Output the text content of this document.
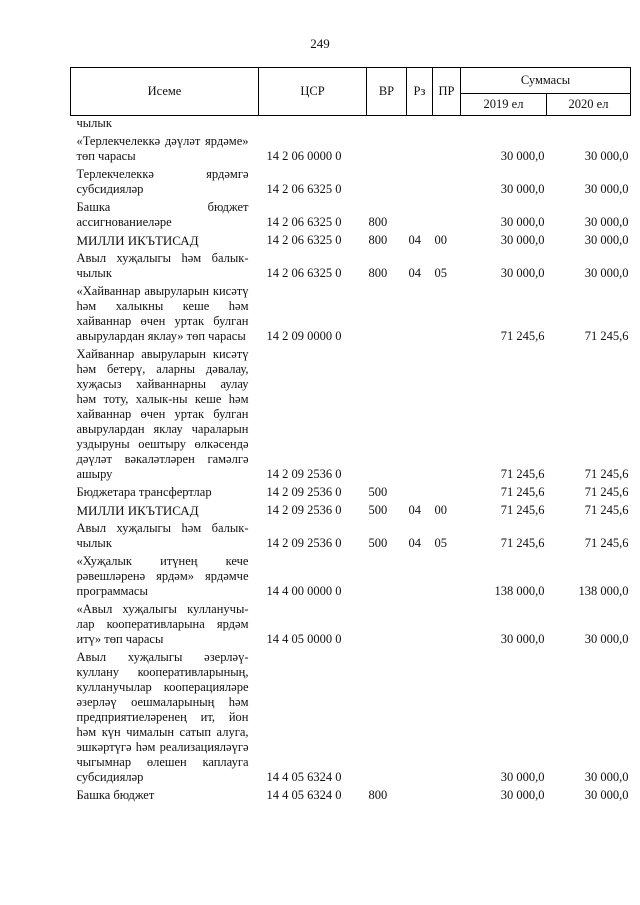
249
Исеме	ЦСР	ВР	Рз	ПР	Суммасы	
					2019 ел	2020 ел
чылык						
«Терлекчелеккә дәүләт ярдәме» төп чарасы	14 2 06 0000 0				30 000,0	30 000,0
Терлекчелеккә ярдәмгә субсидияләр	14 2 06 6325 0				30 000,0	30 000,0
Башка бюджет ассигнованиеләре	14 2 06 6325 0	800			30 000,0	30 000,0
МИЛЛИ ИКЪТИСАД	14 2 06 6325 0	800	04	00	30 000,0	30 000,0
Авыл хуҗалыгы һәм балык-чылык	14 2 06 6325 0	800	04	05	30 000,0	30 000,0
«Хайваннар авыруларын кисәтү һәм халыкны кеше һәм хайваннар өчен уртак булган авырулардан яклау» төп чарасы	14 2 09 0000 0				71 245,6	71 245,6
Хайваннар авыруларын кисәтү һәм бетерү, аларны дәвалау, хуҗасыз хайваннарны аулау һәм тоту, халык-ны кеше һәм хайваннар өчен уртак булган авырулардан яклау чараларын уздыруны оештыру өлкәсендә дәүләт вәкаләтләрен гамәлгә ашыру	14 2 09 2536 0				71 245,6	71 245,6
Бюджетара трансфертлар	14 2 09 2536 0	500			71 245,6	71 245,6
МИЛЛИ ИКЪТИСАД	14 2 09 2536 0	500	04	00	71 245,6	71 245,6
Авыл хуҗалыгы һәм балык-чылык	14 2 09 2536 0	500	04	05	71 245,6	71 245,6
«Хуҗалык итүнең кече рәвешләренә ярдәм» ярдәмче программасы	14 4 00 0000 0				138 000,0	138 000,0
«Авыл хуҗалыгы кулланучы-лар кооперативларына ярдәм итү» төп чарасы	14 4 05 0000 0				30 000,0	30 000,0
Авыл хуҗалыгы әзерләү-куллану кооперативларының, кулланучылар кооперацияләре әзерләү оешмаларының һәм предприятиеләренең ит, йон һәм күн чималын сатып алуга, эшкәртүгә һәм реализацияләүгә чыгымнар өлешен каплауга субсидияләр	14 4 05 6324 0				30 000,0	30 000,0
Башка бюджет	14 4 05 6324 0	800			30 000,0	30 000,0
